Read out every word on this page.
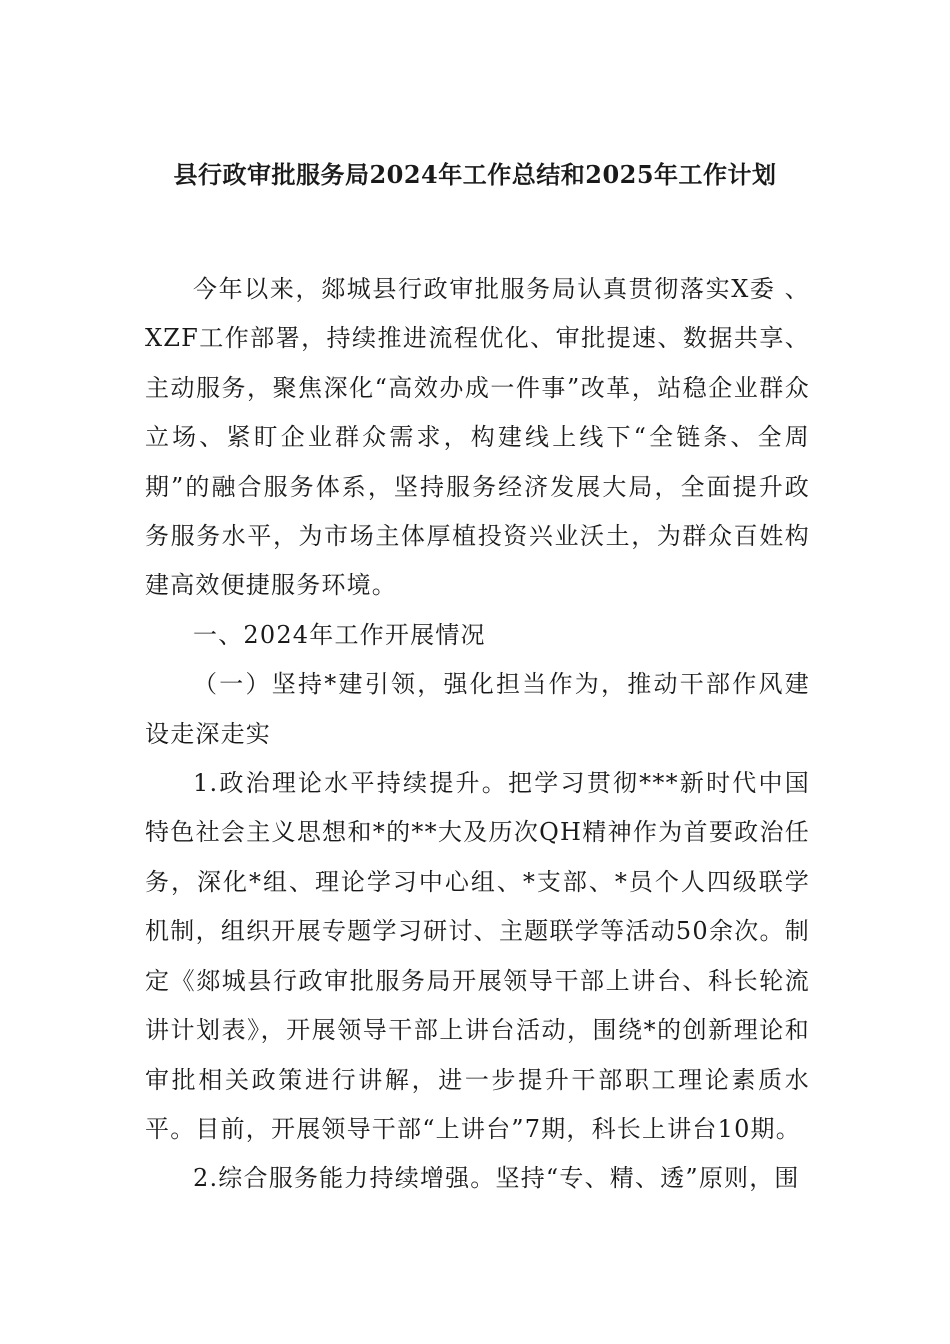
县行政审批服务局2024年工作总结和2025年工作计划

今年以来，郯城县行政审批服务局认真贯彻落实X委 、XZF工作部署，持续推进流程优化、审批提速、数据共享、主动服务，聚焦深化“高效办成一件事”改革，站稳企业群众立场、紧盯企业群众需求，构建线上线下“全链条、全周期”的融合服务体系，坚持服务经济发展大局，全面提升政务服务水平，为市场主体厚植投资兴业沃土，为群众百姓构建高效便捷服务环境。

一、2024年工作开展情况

（一）坚持*建引领，强化担当作为，推动干部作风建设走深走实

1.政治理论水平持续提升。把学习贯彻***新时代中国特色社会主义思想和*的**大及历次QH精神作为首要政治任务，深化*组、理论学习中心组、*支部、*员个人四级联学机制，组织开展专题学习研讨、主题联学等活动50余次。制定《郯城县行政审批服务局开展领导干部上讲台、科长轮流讲计划表》，开展领导干部上讲台活动，围绕*的创新理论和审批相关政策进行讲解，进一步提升干部职工理论素质水平。目前，开展领导干部“上讲台”7期，科长上讲台10期。

2.综合服务能力持续增强。坚持“专、精、透”原则，围
